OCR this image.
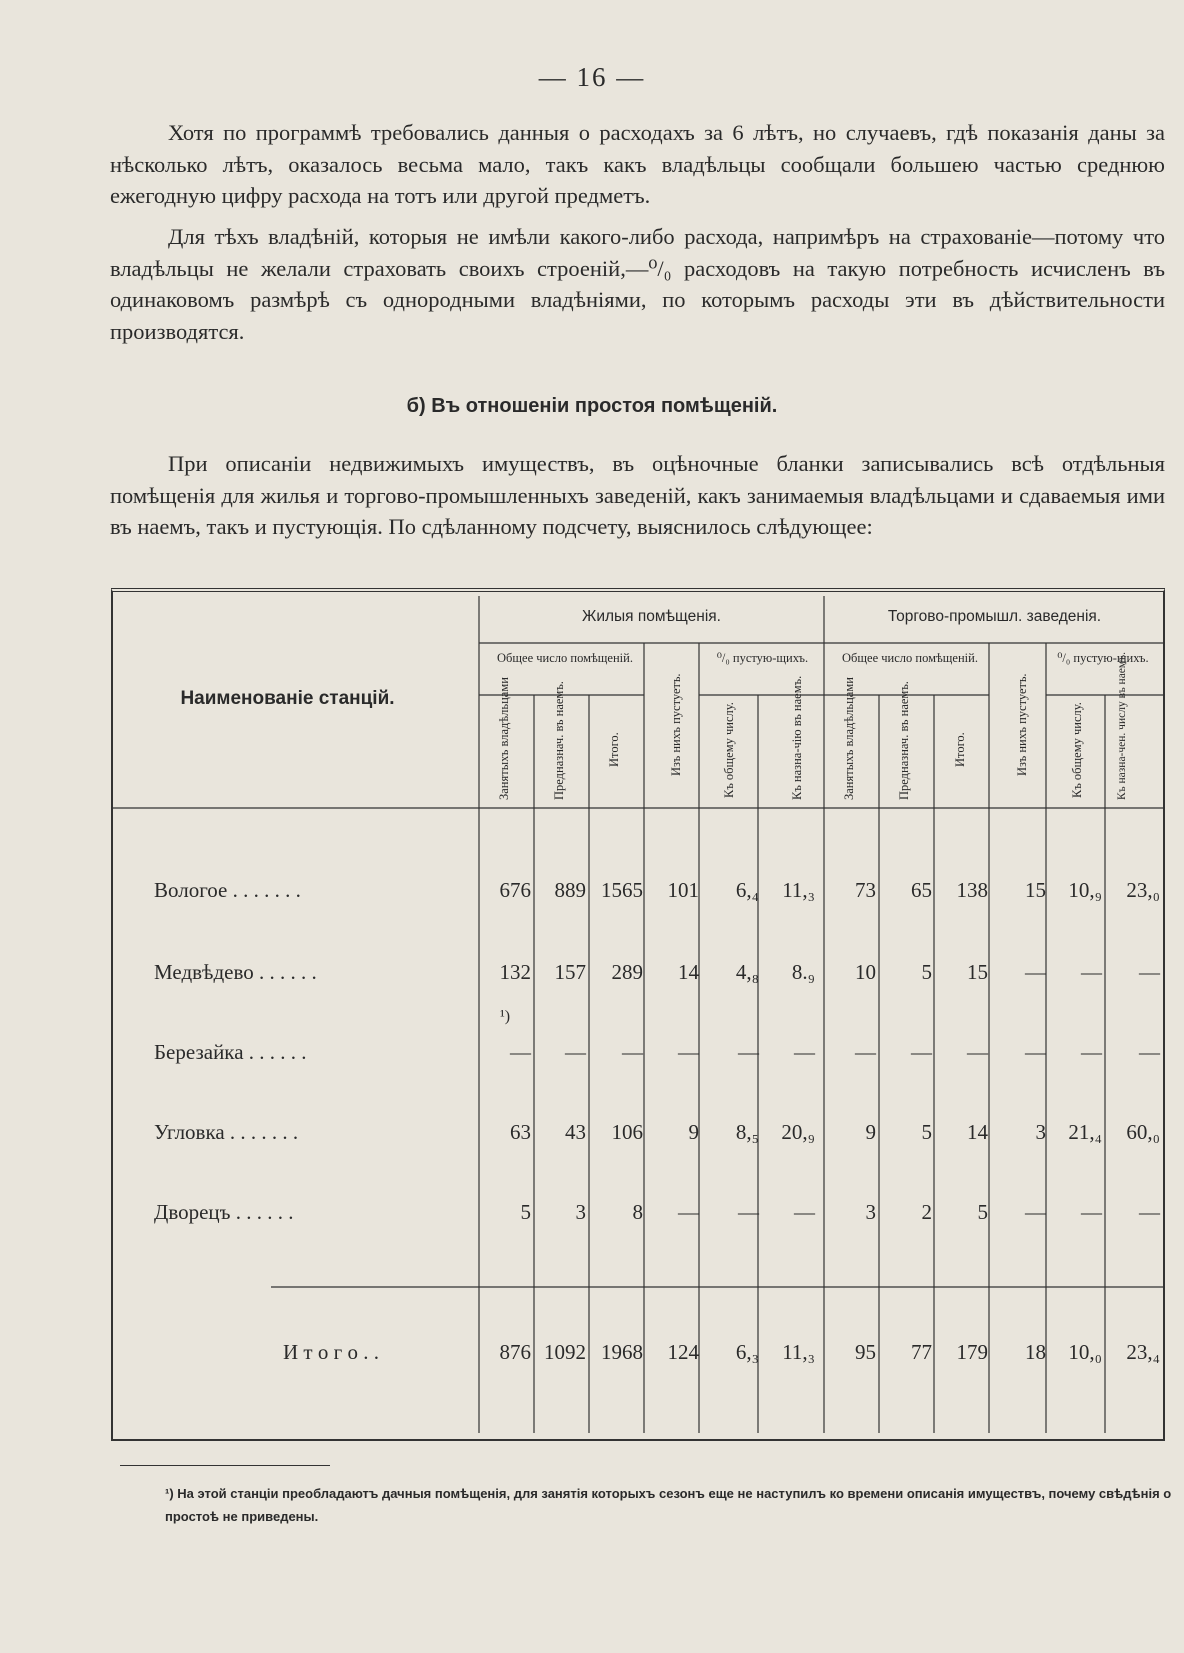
— 16 —
Хотя по программѣ требовались данныя о расходахъ за 6 лѣтъ, но случаевъ, гдѣ показанія даны за нѣсколько лѣтъ, оказалось весьма мало, такъ какъ владѣльцы сообщали большею частью среднюю ежегодную цифру расхода на тотъ или другой предметъ.
Для тѣхъ владѣній, которыя не имѣли какого-либо расхода, напримѣръ на страхованіе—потому что владѣльцы не желали страховать своихъ строеній,—⁰/₀ расходовъ на такую потребность исчисленъ въ одинаковомъ размѣрѣ съ однородными владѣніями, по которымъ расходы эти въ дѣйствительности производятся.
б) Въ отношеніи простоя помѣщеній.
При описаніи недвижимыхъ имуществъ, въ оцѣночные бланки записывались всѣ отдѣльныя помѣщенія для жилья и торгово-промышленныхъ заведеній, какъ занимаемыя владѣльцами и сдаваемыя ими въ наемъ, такъ и пустующія. По сдѣланному подсчету, выяснилось слѣдующее:
Наименованіе станцій.
Жилыя помѣщенія.	Торгово-промышл. заведенія.
Общее число помѣщеній.	⁰/₀ пустую-щихъ.	Общее число помѣщеній.	⁰/₀ пустую-щихъ.
Занятыхъ владѣльцами	Предназнач. въ наемъ.	Итого.	Изъ нихъ пустуетъ.	Къ общему числу.	Къ назна-чію въ наемъ.	Занятыхъ владѣльцами	Предназнач. въ наемъ.	Итого.	Изъ нихъ пустуетъ.	Къ общему числу.	Къ назна-чен. числу въ наемъ.
Вологое . . . . . . .	676	889 1565	101	6,₄	11,₃	73	65	138	15	10,₉	23,₀
Медвѣдево . . . . . .	132	157	289	14	4,₈	8.₉	10	5	15	—	—	—
Березайка . . . . . .	—	—	—	—	—	—	—	—	—	—	—	—
Угловка . . . . . . .	63	43	106	9	8,₅	20,₉	9	5	14	3	21,₄	60,₀
Дворецъ . . . . . .	5	3	8	—	—	—	3	2	5	—	—	—
И т о г о . .	876 1092 1968	124	6,₃	11,₃	95	77	179	18	10,₀	23,₄
¹)
¹) На этой станціи преобладаютъ дачныя помѣщенія, для занятія которыхъ сезонъ еще не наступилъ ко времени описанія имуществъ, почему свѣдѣнія о простоѣ не приведены.
